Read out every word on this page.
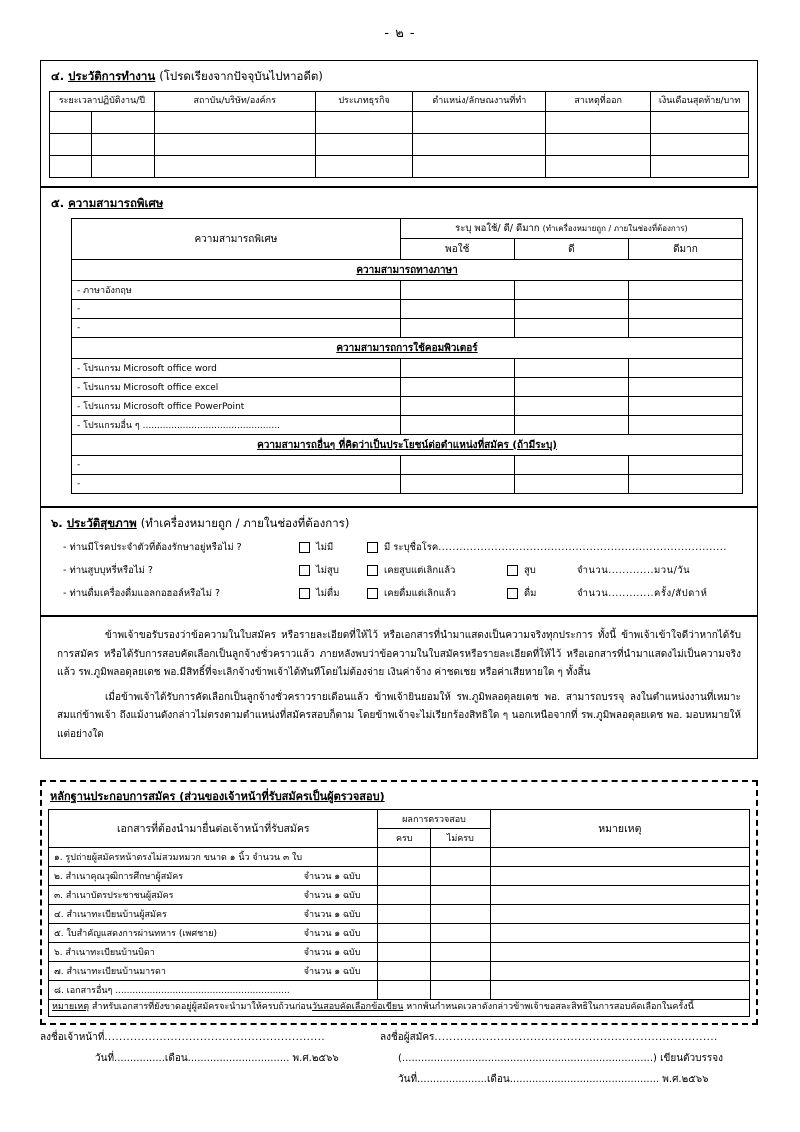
- ๒ -
๔. ประวัติการทำงาน (โปรดเรียงจากปัจจุบันไปหาอดีต)
ระยะเวลาปฏิบัติงาน/ปี		สถาบัน/บริษัท/องค์กร	ประเภทธุรกิจ	ตำแหน่ง/ลักษณงานที่ทำ	สาเหตุที่ออก	เงินเดือนสุดท้าย/บาท

๕. ความสามารถพิเศษ
ความสามารถพิเศษ	ระบุ พอใช้/ ดี/ ดีมาก (ทำเครื่องหมายถูก / ภายในช่องที่ต้องการ)		
	พอใช้	ดี	ดีมาก
ความสามารถทางภาษา			
- ภาษาอังกฤษ			
-			
-			
ความสามารถการใช้คอมพิวเตอร์			
- โปรแกรม Microsoft office word			
- โปรแกรม Microsoft office excel			
- โปรแกรม Microsoft office PowerPoint			
- โปรแกรมอื่น ๆ ................................................			
ความสามารถอื่นๆ ที่คิดว่าเป็นประโยชน์ต่อตำแหน่งที่สมัคร (ถ้ามีระบุ)			
-			
-			
๖. ประวัติสุขภาพ (ทำเครื่องหมายถูก / ภายในช่องที่ต้องการ)
- ท่านมีโรคประจำตัวที่ต้องรักษาอยู่หรือไม่ ?	ไม่มี	มี ระบุชื่อโรค ..................................................................................
- ท่านสูบบุหรี่หรือไม่ ?	ไม่สูบ	เคยสูบแต่เลิกแล้ว	สูบ	จำนวน.............มวน/วัน
- ท่านดื่มเครื่องดื่มแอลกอฮอล์หรือไม่ ?	ไม่ดื่ม	เคยดื่มแต่เลิกแล้ว	ดื่ม	จำนวน.............ครั้ง/สัปดาห์

ข้าพเจ้าขอรับรองว่าข้อความในใบสมัคร หรือรายละเอียดที่ให้ไว้ หรือเอกสารที่นำมาแสดงเป็นความจริงทุกประการ ทั้งนี้ ข้าพเจ้าเข้าใจดีว่าหากได้รับการสมัคร หรือได้รับการสอบคัดเลือกเป็นลูกจ้างชั่วคราวแล้ว ภายหลังพบว่าข้อความในใบสมัครหรือรายละเอียดที่ให้ไว้ หรือเอกสารที่นำมาแสดงไม่เป็นความจริงแล้ว รพ.ภูมิพลอดุลยเดช พอ.มีสิทธิ์ที่จะเลิกจ้างข้าพเจ้าได้ทันทีโดยไม่ต้องจ่าย เงินค่าจ้าง ค่าชดเชย หรือค่าเสียหายใด ๆ ทั้งสิ้น

เมื่อข้าพเจ้าได้รับการคัดเลือกเป็นลูกจ้างชั่วคราวรายเดือนแล้ว ข้าพเจ้ายินยอมให้ รพ.ภูมิพลอดุลยเดช พอ. สามารถบรรจุ ลงในตำแหน่งงานที่เหมาะสมแก่ข้าพเจ้า ถึงแม้งานดังกล่าวไม่ตรงตามตำแหน่งที่สมัครสอบก็ตาม โดยข้าพเจ้าจะไม่เรียกร้องสิทธิใด ๆ นอกเหนือจากที่ รพ.ภูมิพลอดุลยเดช พอ. มอบหมายให้แต่อย่างใด

หลักฐานประกอบการสมัคร (ส่วนของเจ้าหน้าที่รับสมัครเป็นผู้ตรวจสอบ)
เอกสารที่ต้องนำมายื่นต่อเจ้าหน้าที่รับสมัคร	ผลการตรวจสอบ		หมายเหตุ
	ครบ	ไม่ครบ	
๑. รูปถ่ายผู้สมัครหน้าตรงไม่สวมหมวก ขนาด ๑ นิ้ว จำนวน ๓ ใบ

๒. สำเนาคุณวุฒิการศึกษาผู้สมัคร จำนวน ๑ ฉบับ			

๓. สำเนาบัตรประชาชนผู้สมัคร จำนวน ๑ ฉบับ			

๔. สำเนาทะเบียนบ้านผู้สมัคร จำนวน ๑ ฉบับ			

๕. ใบสำคัญแสดงการผ่านทหาร (เพศชาย) จำนวน ๑ ฉบับ			

๖. สำเนาทะเบียนบ้านบิดา จำนวน ๑ ฉบับ			

๗. สำเนาทะเบียนบ้านมารดา จำนวน ๑ ฉบับ			

๘. เอกสารอื่นๆ .............................................................

หมายเหตุ สำหรับเอกสารที่ยังขาดอยู่ผู้สมัครจะนำมาให้ครบถ้วนก่อนวันสอบคัดเลือกข้อเขียน หากพ้นกำหนดเวลาดังกล่าวข้าพเจ้าขอสละสิทธิในการสอบคัดเลือกในครั้งนี้			
ลงชื่อเจ้าหน้าที่............................................................
วันที่................เดือน................................ พ.ศ.๒๕๖๖
ลงชื่อผู้สมัคร.............................................................................
(...............................................................................) เขียนตัวบรรจง
วันที่......................เดือน............................................... พ.ศ.๒๕๖๖
